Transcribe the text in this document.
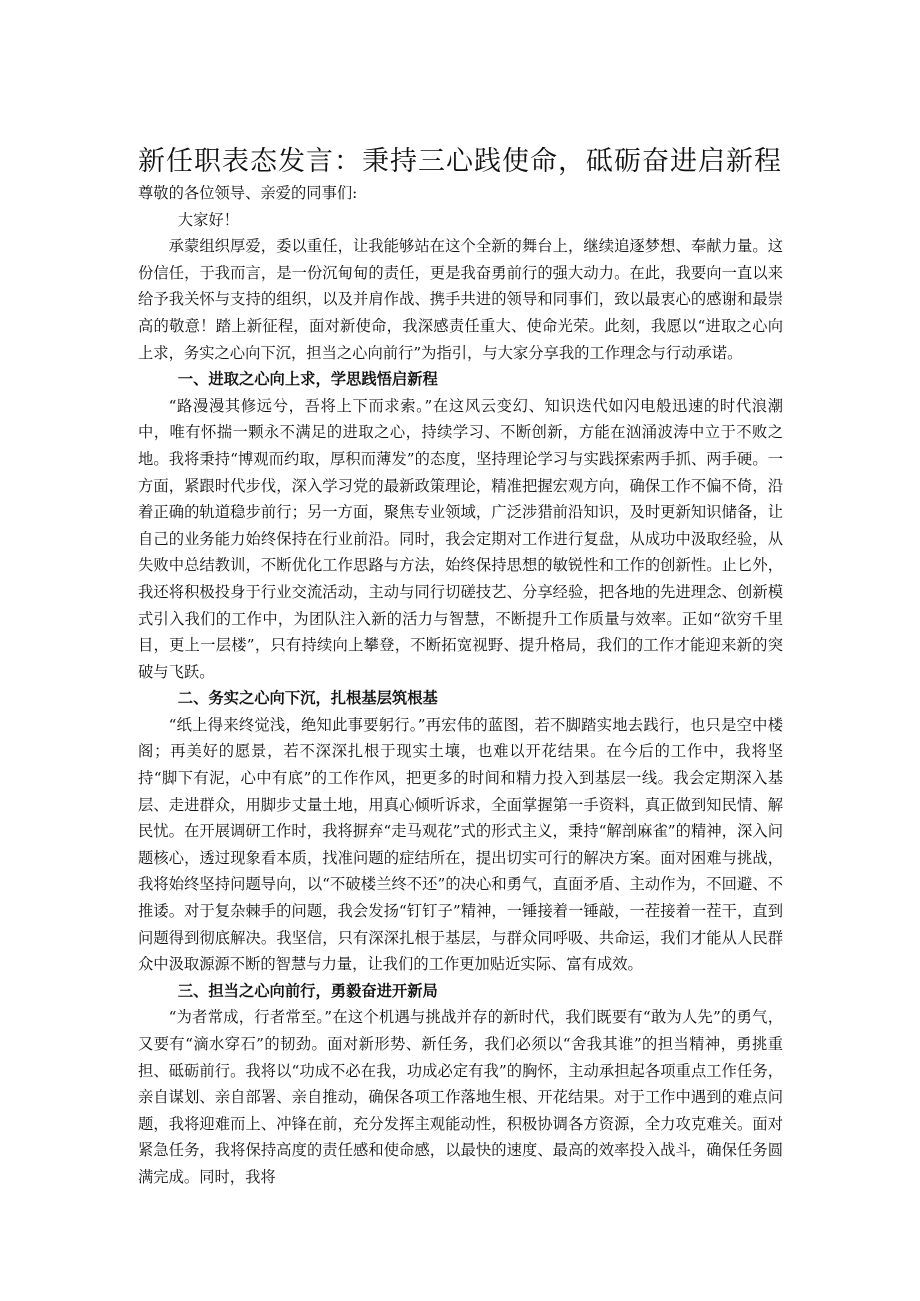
新任职表态发言：秉持三心践使命，砥砺奋进启新程

尊敬的各位领导、亲爱的同事们:

大家好！

承蒙组织厚爱，委以重任，让我能够站在这个全新的舞台上，继续追逐梦想、奉献力量。这份信任，于我而言，是一份沉甸甸的责任，更是我奋勇前行的强大动力。在此，我要向一直以来给予我关怀与支持的组织，以及并肩作战、携手共进的领导和同事们，致以最衷心的感谢和最崇高的敬意！踏上新征程，面对新使命，我深感责任重大、使命光荣。此刻，我愿以“进取之心向上求，务实之心向下沉，担当之心向前行”为指引，与大家分享我的工作理念与行动承诺。

一、进取之心向上求，学思践悟启新程

“路漫漫其修远兮，吾将上下而求索。”在这风云变幻、知识迭代如闪电般迅速的时代浪潮中，唯有怀揣一颗永不满足的进取之心，持续学习、不断创新，方能在汹涌波涛中立于不败之地。我将秉持“博观而约取，厚积而薄发”的态度，坚持理论学习与实践探索两手抓、两手硬。一方面，紧跟时代步伐，深入学习党的最新政策理论，精准把握宏观方向，确保工作不偏不倚，沿着正确的轨道稳步前行；另一方面，聚焦专业领域，广泛涉猎前沿知识，及时更新知识储备，让自己的业务能力始终保持在行业前沿。同时，我会定期对工作进行复盘，从成功中汲取经验，从失败中总结教训，不断优化工作思路与方法，始终保持思想的敏锐性和工作的创新性。止匕外，我还将积极投身于行业交流活动，主动与同行切磋技艺、分享经验，把各地的先进理念、创新模式引入我们的工作中，为团队注入新的活力与智慧，不断提升工作质量与效率。正如“欲穷千里目，更上一层楼”，只有持续向上攀登，不断拓宽视野、提升格局，我们的工作才能迎来新的突破与飞跃。

二、务实之心向下沉，扎根基层筑根基

“纸上得来终觉浅，绝知此事要躬行。”再宏伟的蓝图，若不脚踏实地去践行，也只是空中楼阁；再美好的愿景，若不深深扎根于现实土壤，也难以开花结果。在今后的工作中，我将坚持“脚下有泥，心中有底”的工作作风，把更多的时间和精力投入到基层一线。我会定期深入基层、走进群众，用脚步丈量土地，用真心倾听诉求，全面掌握第一手资料，真正做到知民情、解民忧。在开展调研工作时，我将摒弃“走马观花”式的形式主义，秉持“解剖麻雀”的精神，深入问题核心，透过现象看本质，找准问题的症结所在，提出切实可行的解决方案。面对困难与挑战，我将始终坚持问题导向，以“不破楼兰终不还”的决心和勇气，直面矛盾、主动作为，不回避、不推诿。对于复杂棘手的问题，我会发扬“钉钉子”精神，一锤接着一锤敲，一茬接着一茬干，直到问题得到彻底解决。我坚信，只有深深扎根于基层，与群众同呼吸、共命运，我们才能从人民群众中汲取源源不断的智慧与力量，让我们的工作更加贴近实际、富有成效。

三、担当之心向前行，勇毅奋进开新局

“为者常成，行者常至。”在这个机遇与挑战并存的新时代，我们既要有“敢为人先”的勇气，又要有“滴水穿石”的韧劲。面对新形势、新任务，我们必须以“舍我其谁”的担当精神，勇挑重担、砥砺前行。我将以“功成不必在我，功成必定有我”的胸怀，主动承担起各项重点工作任务，亲自谋划、亲自部署、亲自推动，确保各项工作落地生根、开花结果。对于工作中遇到的难点问题，我将迎难而上、冲锋在前，充分发挥主观能动性，积极协调各方资源，全力攻克难关。面对紧急任务，我将保持高度的责任感和使命感，以最快的速度、最高的效率投入战斗，确保任务圆满完成。同时，我将
